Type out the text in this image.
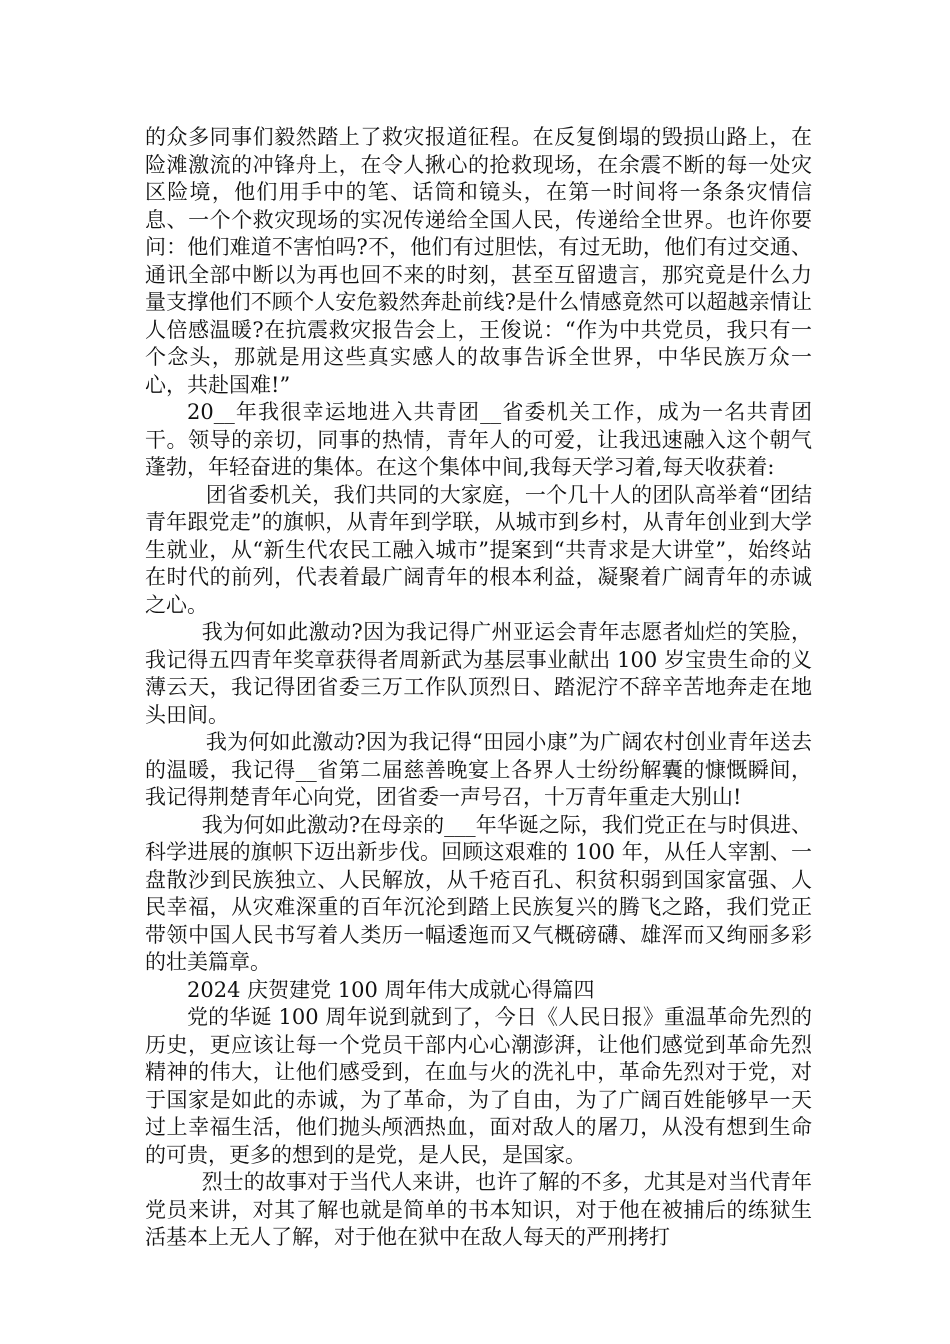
的众多同事们毅然踏上了救灾报道征程。在反复倒塌的毁损山路上，在险滩激流的冲锋舟上，在令人揪心的抢救现场，在余震不断的每一处灾区险境，他们用手中的笔、话筒和镜头，在第一时间将一条条灾情信息、一个个救灾现场的实况传递给全国人民，传递给全世界。也许你要问：他们难道不害怕吗?不，他们有过胆怯，有过无助，他们有过交通、通讯全部中断以为再也回不来的时刻，甚至互留遗言，那究竟是什么力量支撑他们不顾个人安危毅然奔赴前线?是什么情感竟然可以超越亲情让人倍感温暖?在抗震救灾报告会上，王俊说：“作为中共党员，我只有一个念头，那就是用这些真实感人的故事告诉全世界，中华民族万众一心，共赴国难!”

20__年我很幸运地进入共青团__省委机关工作，成为一名共青团干。领导的亲切，同事的热情，青年人的可爱，让我迅速融入这个朝气蓬勃，年轻奋进的集体。在这个集体中间,我每天学习着,每天收获着:

团省委机关，我们共同的大家庭，一个几十人的团队高举着“团结青年跟党走”的旗帜，从青年到学联，从城市到乡村，从青年创业到大学生就业，从“新生代农民工融入城市”提案到“共青求是大讲堂”，始终站在时代的前列，代表着最广阔青年的根本利益，凝聚着广阔青年的赤诚之心。

我为何如此激动?因为我记得广州亚运会青年志愿者灿烂的笑脸，我记得五四青年奖章获得者周新武为基层事业献出 100 岁宝贵生命的义薄云天，我记得团省委三万工作队顶烈日、踏泥泞不辞辛苦地奔走在地头田间。

我为何如此激动?因为我记得“田园小康”为广阔农村创业青年送去的温暖，我记得__省第二届慈善晚宴上各界人士纷纷解囊的慷慨瞬间，我记得荆楚青年心向党，团省委一声号召，十万青年重走大别山!

我为何如此激动?在母亲的___年华诞之际，我们党正在与时俱进、科学进展的旗帜下迈出新步伐。回顾这艰难的 100 年，从任人宰割、一盘散沙到民族独立、人民解放，从千疮百孔、积贫积弱到国家富强、人民幸福，从灾难深重的百年沉沦到踏上民族复兴的腾飞之路，我们党正带领中国人民书写着人类历一幅逶迤而又气概磅礴、雄浑而又绚丽多彩的壮美篇章。

2024 庆贺建党 100 周年伟大成就心得篇四

党的华诞 100 周年说到就到了，今日《人民日报》重温革命先烈的历史，更应该让每一个党员干部内心心潮澎湃，让他们感觉到革命先烈精神的伟大，让他们感受到，在血与火的洗礼中，革命先烈对于党，对于国家是如此的赤诚，为了革命，为了自由，为了广阔百姓能够早一天过上幸福生活，他们抛头颅洒热血，面对敌人的屠刀，从没有想到生命的可贵，更多的想到的是党，是人民，是国家。

烈士的故事对于当代人来讲，也许了解的不多，尤其是对当代青年党员来讲，对其了解也就是简单的书本知识，对于他在被捕后的练狱生活基本上无人了解，对于他在狱中在敌人每天的严刑拷打
